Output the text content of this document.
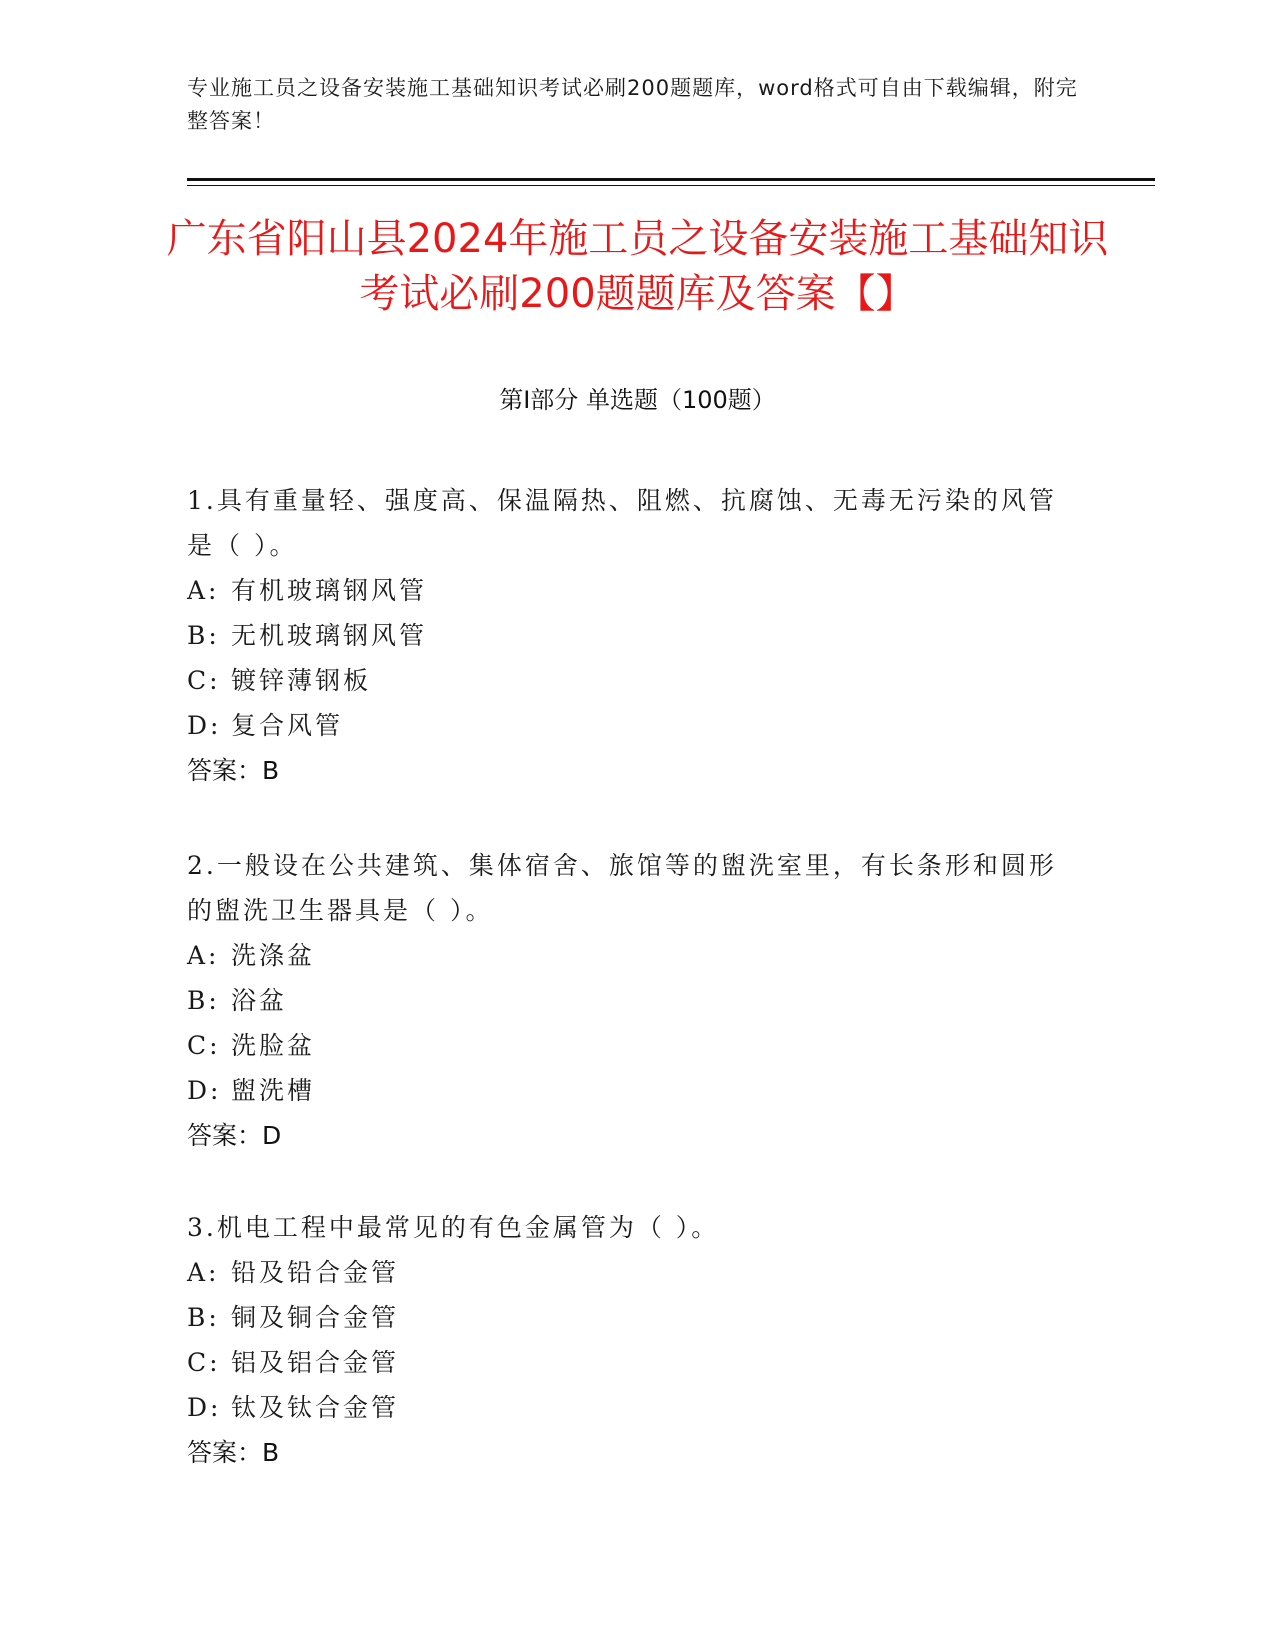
专业施工员之设备安装施工基础知识考试必刷200题题库，word格式可自由下载编辑，附完整答案！
广东省阳山县2024年施工员之设备安装施工基础知识考试必刷200题题库及答案【】
第I部分 单选题（100题）

1.具有重量轻、强度高、保温隔热、阻燃、抗腐蚀、无毒无污染的风管是（ ）。

A: 有机玻璃钢风管

B: 无机玻璃钢风管

C: 镀锌薄钢板

D: 复合风管

答案：B

2.一般设在公共建筑、集体宿舍、旅馆等的盥洗室里，有长条形和圆形的盥洗卫生器具是（ ）。

A: 洗涤盆

B: 浴盆

C: 洗脸盆

D: 盥洗槽

答案：D

3.机电工程中最常见的有色金属管为（ ）。

A: 铅及铅合金管

B: 铜及铜合金管

C: 铝及铝合金管

D: 钛及钛合金管

答案：B
